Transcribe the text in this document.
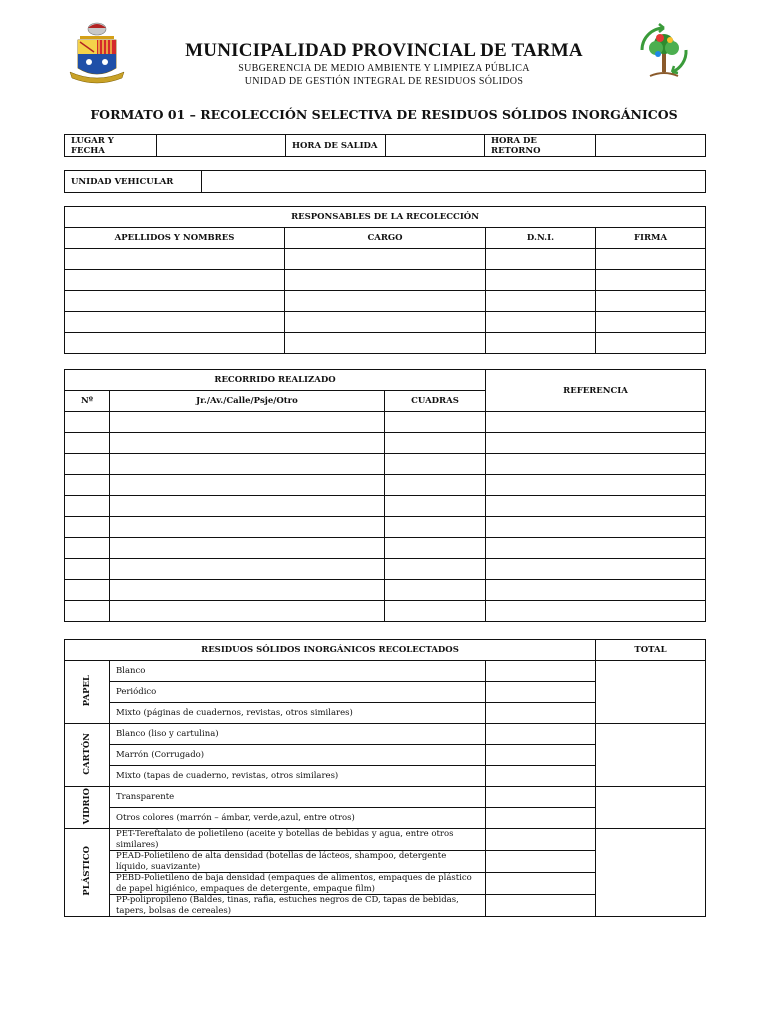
MUNICIPALIDAD PROVINCIAL DE TARMA
SUBGERENCIA DE MEDIO AMBIENTE Y LIMPIEZA PÚBLICA
UNIDAD DE GESTIÓN INTEGRAL DE RESIDUOS SÓLIDOS
FORMATO 01 – RECOLECCIÓN SELECTIVA DE RESIDUOS SÓLIDOS INORGÁNICOS
LUGAR Y FECHA		HORA DE SALIDA		HORA DE RETORNO	
UNIDAD VEHICULAR	
RESPONSABLES DE LA RECOLECCIÓN			
APELLIDOS Y NOMBRES	CARGO	D.N.I.	FIRMA

RECORRIDO REALIZADO			REFERENCIA
Nº	Jr./Av./Calle/Psje/Otro	CUADRAS	

RESIDUOS SÓLIDOS INORGÁNICOS RECOLECTADOS			TOTAL
PAPEL	Blanco		
	Periódico		
	Mixto (páginas de cuadernos, revistas, otros similares)		
CARTÓN	Blanco (liso y cartulina)		
	Marrón (Corrugado)		
	Mixto (tapas de cuaderno, revistas, otros similares)		
VIDRIO	Transparente		
	Otros colores (marrón – ámbar, verde,azul, entre otros)		
PLÁSTICO	PET-Tereftalato de polietileno (aceite y botellas de bebidas y agua, entre otros similares)		
	PEAD-Polietileno de alta densidad (botellas de lácteos, shampoo, detergente líquido, suavizante)		
	PEBD-Polietileno de baja densidad (empaques de alimentos, empaques de plástico de papel higiénico, empaques de detergente, empaque film)		
	PP-polipropileno (Baldes, tinas, rafia, estuches negros de CD, tapas de bebidas, tapers, bolsas de cereales)		
